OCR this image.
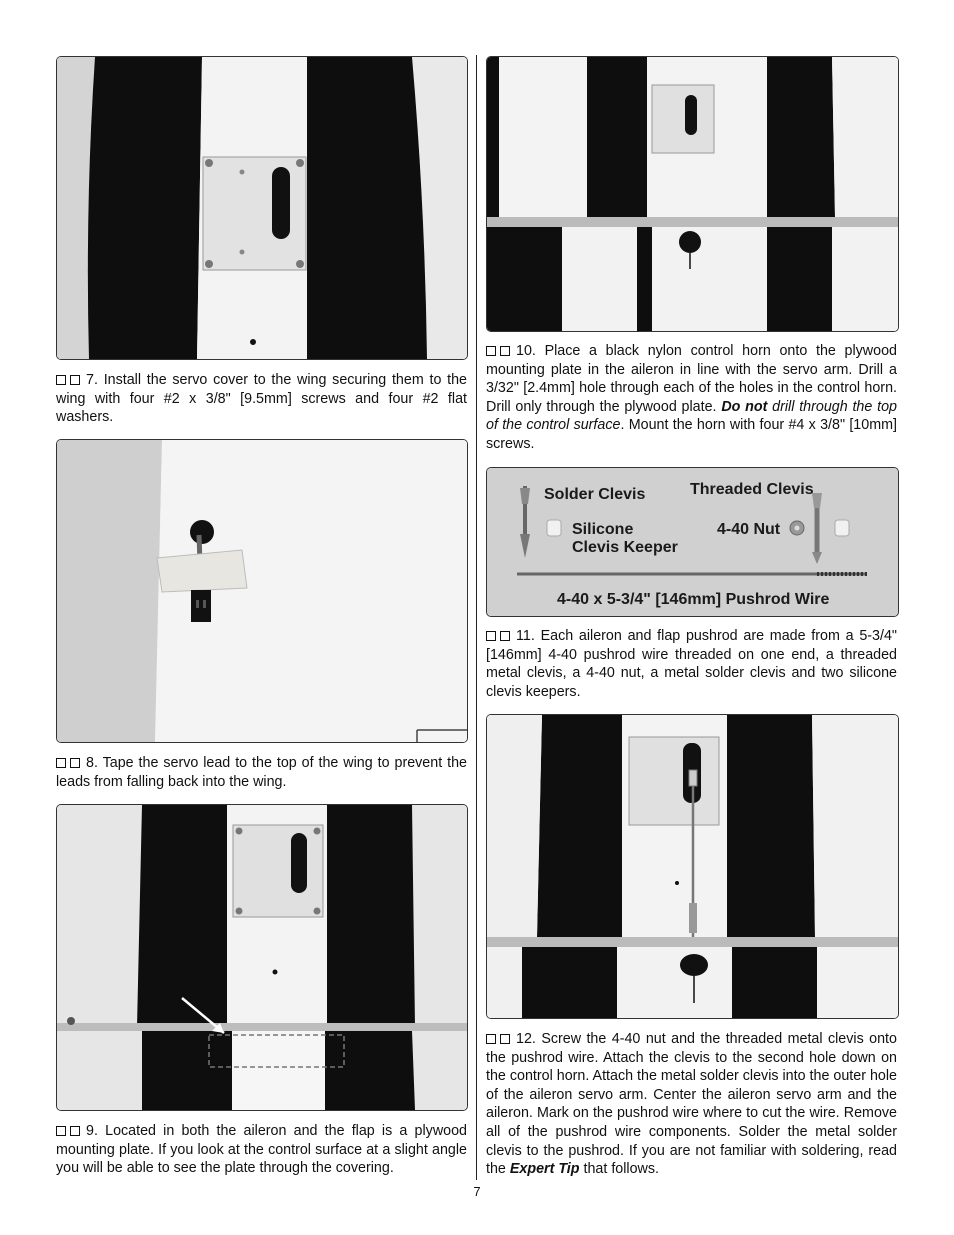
7. Install the servo cover to the wing securing them to the wing with four #2 x 3/8" [9.5mm] screws and four #2 flat washers.
8. Tape the servo lead to the top of the wing to prevent the leads from falling back into the wing.
9. Located in both the aileron and the flap is a plywood mounting plate. If you look at the control surface at a slight angle you will be able to see the plate through the covering.
10. Place a black nylon control horn onto the plywood mounting plate in the aileron in line with the servo arm. Drill a 3/32" [2.4mm] hole through each of the holes in the control horn. Drill only through the plywood plate. Do not drill through the top of the control surface. Mount the horn with four #4 x 3/8" [10mm] screws.
Solder Clevis	Threaded Clevis
Silicone
Clevis Keeper
4-40 Nut
4-40 x 5-3/4" [146mm] Pushrod Wire
11. Each aileron and flap pushrod are made from a 5-3/4" [146mm] 4-40 pushrod wire threaded on one end, a threaded metal clevis, a 4-40 nut, a metal solder clevis and two silicone clevis keepers.
12. Screw the 4-40 nut and the threaded metal clevis onto the pushrod wire. Attach the clevis to the second hole down on the control horn. Attach the metal solder clevis into the outer hole of the aileron servo arm. Center the aileron servo arm and the aileron. Mark on the pushrod wire where to cut the wire. Remove all of the pushrod wire components. Solder the metal solder clevis to the pushrod. If you are not familiar with soldering, read the Expert Tip that follows.
7
